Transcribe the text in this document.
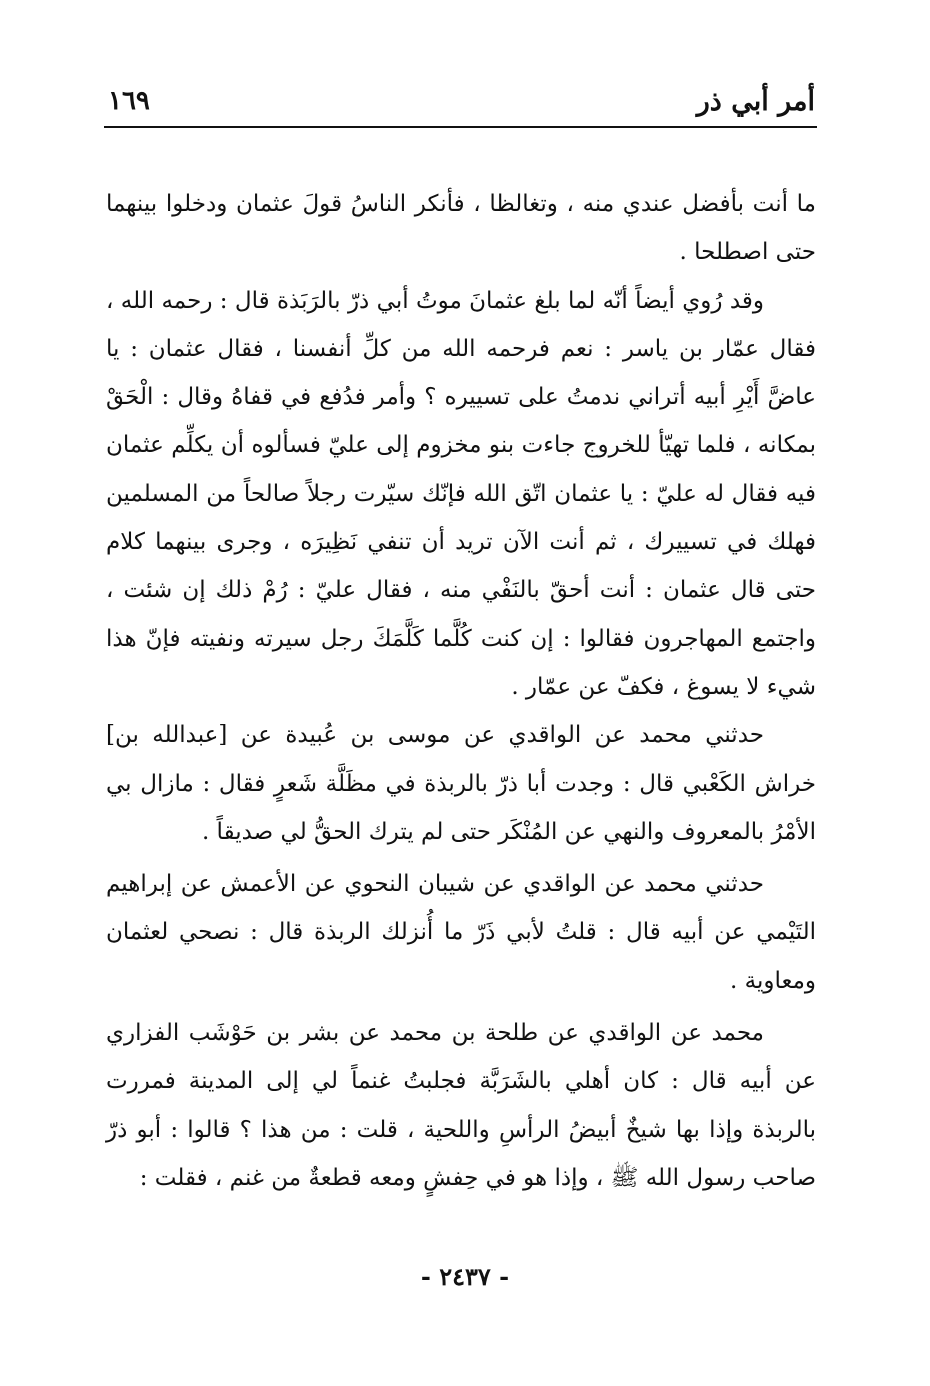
أمر أبي ذر
١٦٩

ما أنت بأفضل عندي منه ، وتغالظا ، فأنكر الناسُ قولَ عثمان ودخلوا بينهما حتى اصطلحا .

وقد رُوي أيضاً أنّه لما بلغ عثمانَ موتُ أبي ذرّ بالرَبَذة قال : رحمه الله ، فقال عمّار بن ياسر : نعم فرحمه الله من كلِّ أنفسنا ، فقال عثمان : يا عاضَّ أَيْرِ أبيه أتراني ندمتُ على تسييره ؟ وأمر فدُفع في قفاهُ وقال : الْحَقْ بمكانه ، فلما تهيّأ للخروج جاءت بنو مخزوم إلى عليّ فسألوه أن يكلِّم عثمان فيه فقال له عليّ : يا عثمان اتّق الله فإنّك سيّرت رجلاً صالحاً من المسلمين فهلك في تسييرك ، ثم أنت الآن تريد أن تنفي نَظِيرَه ، وجرى بينهما كلام حتى قال عثمان : أنت أحقّ بالنَفْي منه ، فقال عليّ : رُمْ ذلك إن شئت ، واجتمع المهاجرون فقالوا : إن كنت كُلَّما كَلَّمَكَ رجل سيرته ونفيته فإنّ هذا شيء لا يسوغ ، فكفّ عن عمّار .

حدثني محمد عن الواقدي عن موسى بن عُبيدة عن [عبدالله بن] خراش الكَعْبي قال : وجدت أبا ذرّ بالربذة في مظَلَّة شَعرٍ فقال : مازال بي الأمْرُ بالمعروف والنهي عن المُنْكَر حتى لم يترك الحقُّ لي صديقاً .

حدثني محمد عن الواقدي عن شيبان النحوي عن الأعمش عن إبراهيم التَيْمي عن أبيه قال : قلتُ لأبي ذَرّ ما أُنزلك الربذة قال : نصحي لعثمان ومعاوية .

محمد عن الواقدي عن طلحة بن محمد عن بشر بن حَوْشَب الفزاري عن أبيه قال : كان أهلي بالشَرَبَّة فجلبتُ غنماً لي إلى المدينة فمررت بالربذة وإذا بها شيخٌ أبيضُ الرأسِ واللحية ، قلت : من هذا ؟ قالوا : أبو ذرّ صاحب رسول الله ﷺ ، وإذا هو في حِفشٍ ومعه قطعةٌ من غنم ، فقلت :

- ٢٤٣٧ -
